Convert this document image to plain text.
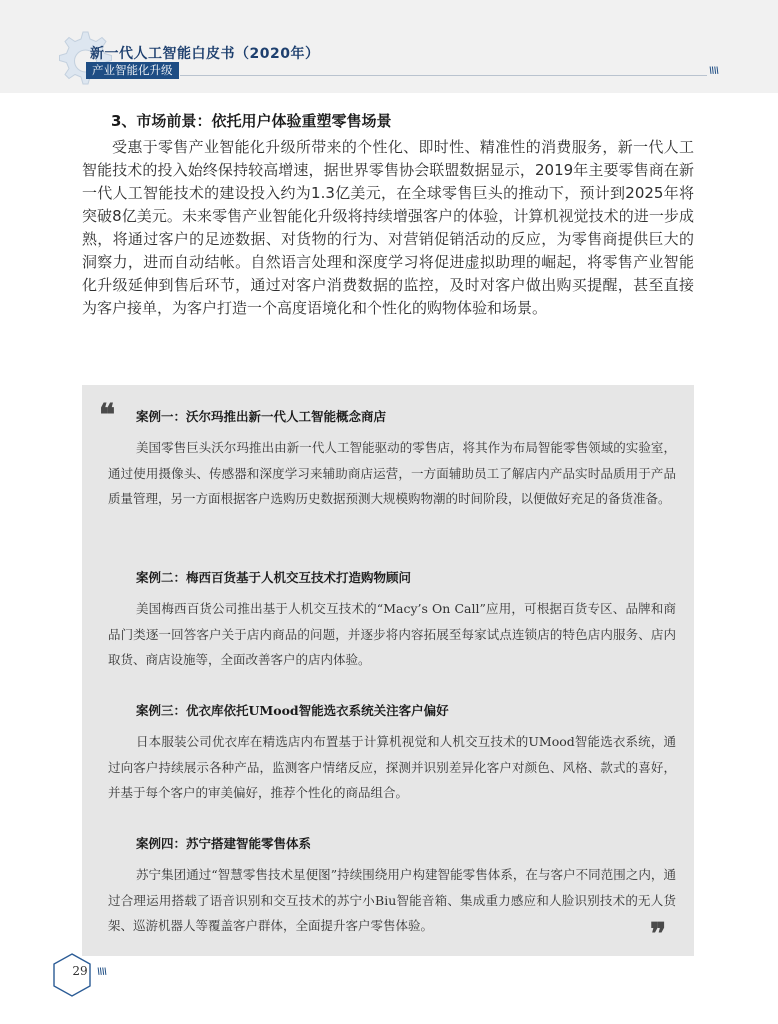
新一代人工智能白皮书（2020年）
产业智能化升级	\\\\
3、市场前景：依托用户体验重塑零售场景

受惠于零售产业智能化升级所带来的个性化、即时性、精准性的消费服务，新一代人工智能技术的投入始终保持较高增速，据世界零售协会联盟数据显示，2019年主要零售商在新一代人工智能技术的建设投入约为1.3亿美元，在全球零售巨头的推动下，预计到2025年将突破8亿美元。未来零售产业智能化升级将持续增强客户的体验，计算机视觉技术的进一步成熟，将通过客户的足迹数据、对货物的行为、对营销促销活动的反应，为零售商提供巨大的洞察力，进而自动结帐。自然语言处理和深度学习将促进虚拟助理的崛起，将零售产业智能化升级延伸到售后环节，通过对客户消费数据的监控，及时对客户做出购买提醒，甚至直接为客户接单，为客户打造一个高度语境化和个性化的购物体验和场景。

❝	案例一：沃尔玛推出新一代人工智能概念商店

美国零售巨头沃尔玛推出由新一代人工智能驱动的零售店，将其作为布局智能零售领域的实验室，通过使用摄像头、传感器和深度学习来辅助商店运营，一方面辅助员工了解店内产品实时品质用于产品质量管理，另一方面根据客户选购历史数据预测大规模购物潮的时间阶段，以便做好充足的备货准备。

案例二：梅西百货基于人机交互技术打造购物顾问

美国梅西百货公司推出基于人机交互技术的“Macy’s On Call”应用，可根据百货专区、品牌和商品门类逐一回答客户关于店内商品的问题，并逐步将内容拓展至每家试点连锁店的特色店内服务、店内取货、商店设施等，全面改善客户的店内体验。

案例三：优衣库依托UMood智能选衣系统关注客户偏好

日本服装公司优衣库在精选店内布置基于计算机视觉和人机交互技术的UMood智能选衣系统，通过向客户持续展示各种产品，监测客户情绪反应，探测并识别差异化客户对颜色、风格、款式的喜好，并基于每个客户的审美偏好，推荐个性化的商品组合。

案例四：苏宁搭建智能零售体系

苏宁集团通过“智慧零售技术星便图”持续围绕用户构建智能零售体系，在与客户不同范围之内，通过合理运用搭载了语音识别和交互技术的苏宁小Biu智能音箱、集成重力感应和人脸识别技术的无人货架、巡游机器人等覆盖客户群体，全面提升客户零售体验。	❞
29	\\\\
